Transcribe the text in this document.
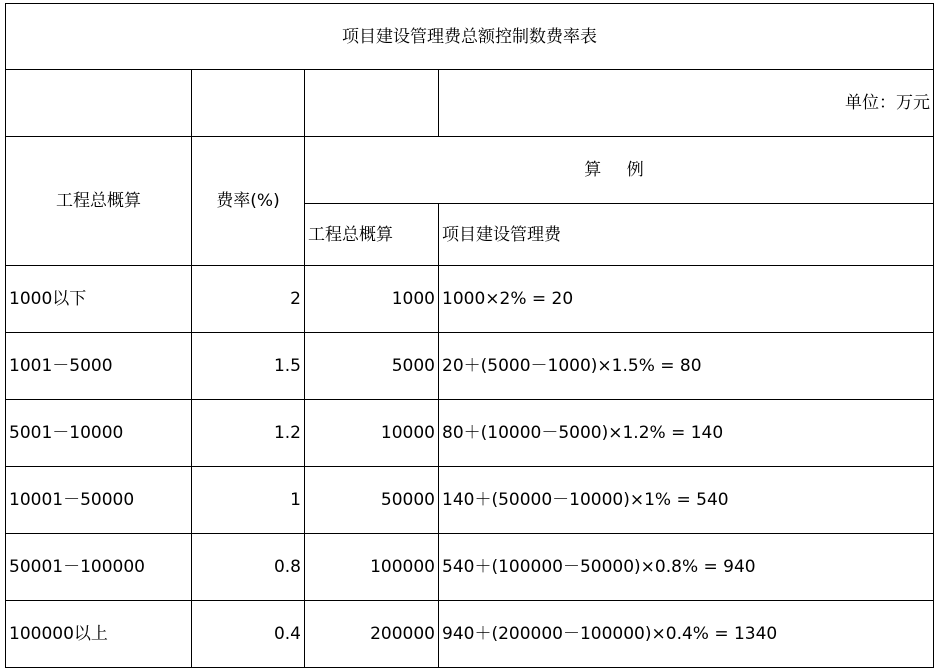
项目建设管理费总额控制数费率表			
			单位：万元
工程总概算	费率(%)	算 例	
		工程总概算	项目建设管理费
1000以下	2	1000	1000×2% = 20
1001－5000	1.5	5000	20＋(5000－1000)×1.5% = 80
5001－10000	1.2	10000	80＋(10000－5000)×1.2% = 140
10001－50000	1	50000	140＋(50000－10000)×1% = 540
50001－100000	0.8	100000	540＋(100000－50000)×0.8% = 940
100000以上	0.4	200000	940＋(200000－100000)×0.4% = 1340
